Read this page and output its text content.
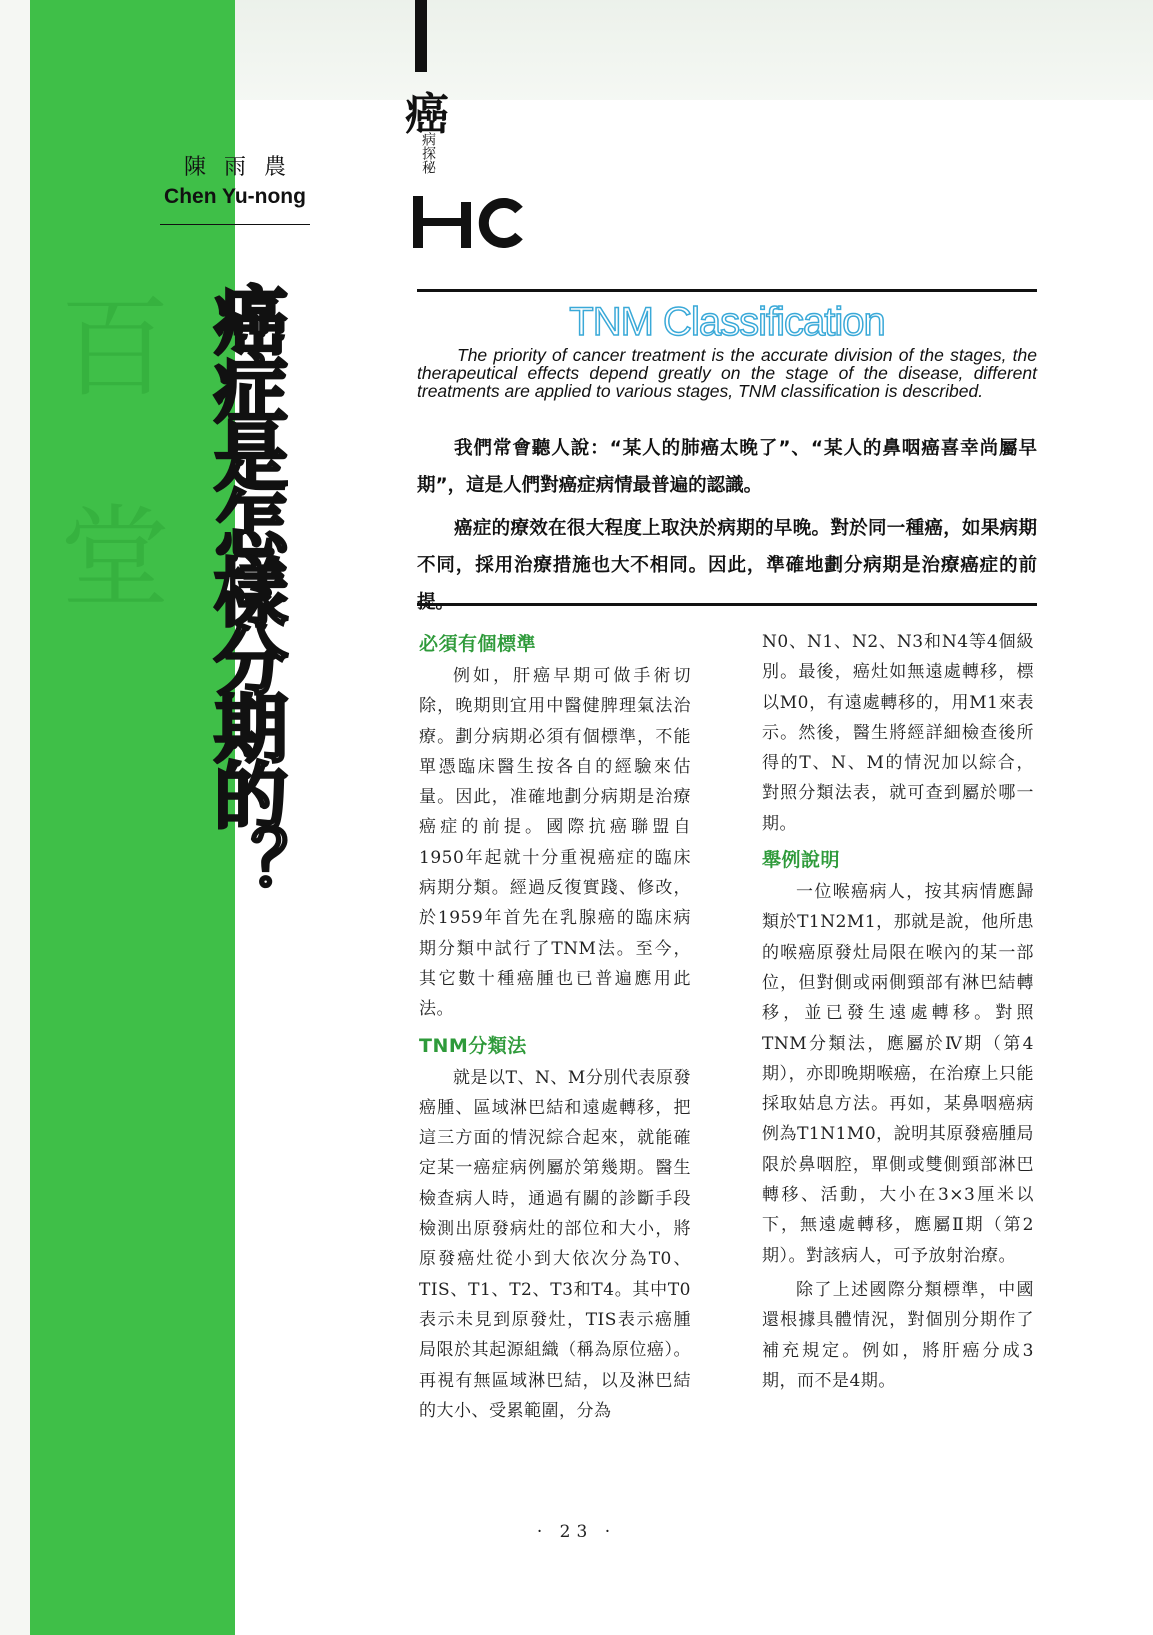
百
堂
陳雨農
Chen Yu-nong
癌症是怎樣分期的？
癌
病探秘
TNM Classification
The priority of cancer treatment is the accurate division of the stages, the therapeutical effects depend greatly on the stage of the disease, different treatments are applied to various stages, TNM classification is described.

我們常會聽人說：“某人的肺癌太晚了”、“某人的鼻咽癌喜幸尚屬早期”，這是人們對癌症病情最普遍的認識。

癌症的療效在很大程度上取決於病期的早晚。對於同一種癌，如果病期不同，採用治療措施也大不相同。因此，準確地劃分病期是治療癌症的前

必須有個標準

例如，肝癌早期可做手術切除，晚期則宜用中醫健脾理氣法治療。劃分病期必須有個標準，不能單憑臨床醫生按各自的經驗來估量。因此，准確地劃分病期是治療癌症的前提。國際抗癌聯盟自1950年起就十分重視癌症的臨床病期分類。經過反復實踐、修改，於1959年首先在乳腺癌的臨床病期分類中試行了TNM法。至今，其它數十種癌腫也已普遍應用此法。

TNM分類法

就是以T、N、M分別代表原發癌腫、區域淋巴結和遠處轉移，把這三方面的情況綜合起來，就能確定某一癌症病例屬於第幾期。醫生檢查病人時，通過有關的診斷手段檢測出原發病灶的部位和大小，將原發癌灶從小到大依次分為T0、TIS、T1、T2、T3和T4。其中T0表示未見到原發灶，TIS表示癌腫局限於其起源組織（稱為原位癌）。再視有無區域淋巴結，以及淋巴結的大小、受累範圍，分為

N0、N1、N2、N3和N4等4個級別。最後，癌灶如無遠處轉移，標以M0，有遠處轉移的，用M1來表示。然後，醫生將經詳細檢查後所得的T、N、M的情況加以綜合，對照分類法表，就可查到屬於哪一期。

舉例說明

一位喉癌病人，按其病情應歸類於T1N2M1，那就是說，他所患的喉癌原發灶局限在喉內的某一部位，但對側或兩側頸部有淋巴結轉移，並已發生遠處轉移。對照TNM分類法，應屬於Ⅳ期（第4期），亦即晚期喉癌，在治療上只能採取姑息方法。再如，某鼻咽癌病例為T1N1M0，說明其原發癌腫局限於鼻咽腔，單側或雙側頸部淋巴轉移、活動，大小在3×3厘米以下，無遠處轉移，應屬Ⅱ期（第2期）。對該病人，可予放射治療。

除了上述國際分類標準，中國還根據具體情況，對個別分期作了補充規定。例如，將肝癌分成3期，而不是4期。

· 23 ·
